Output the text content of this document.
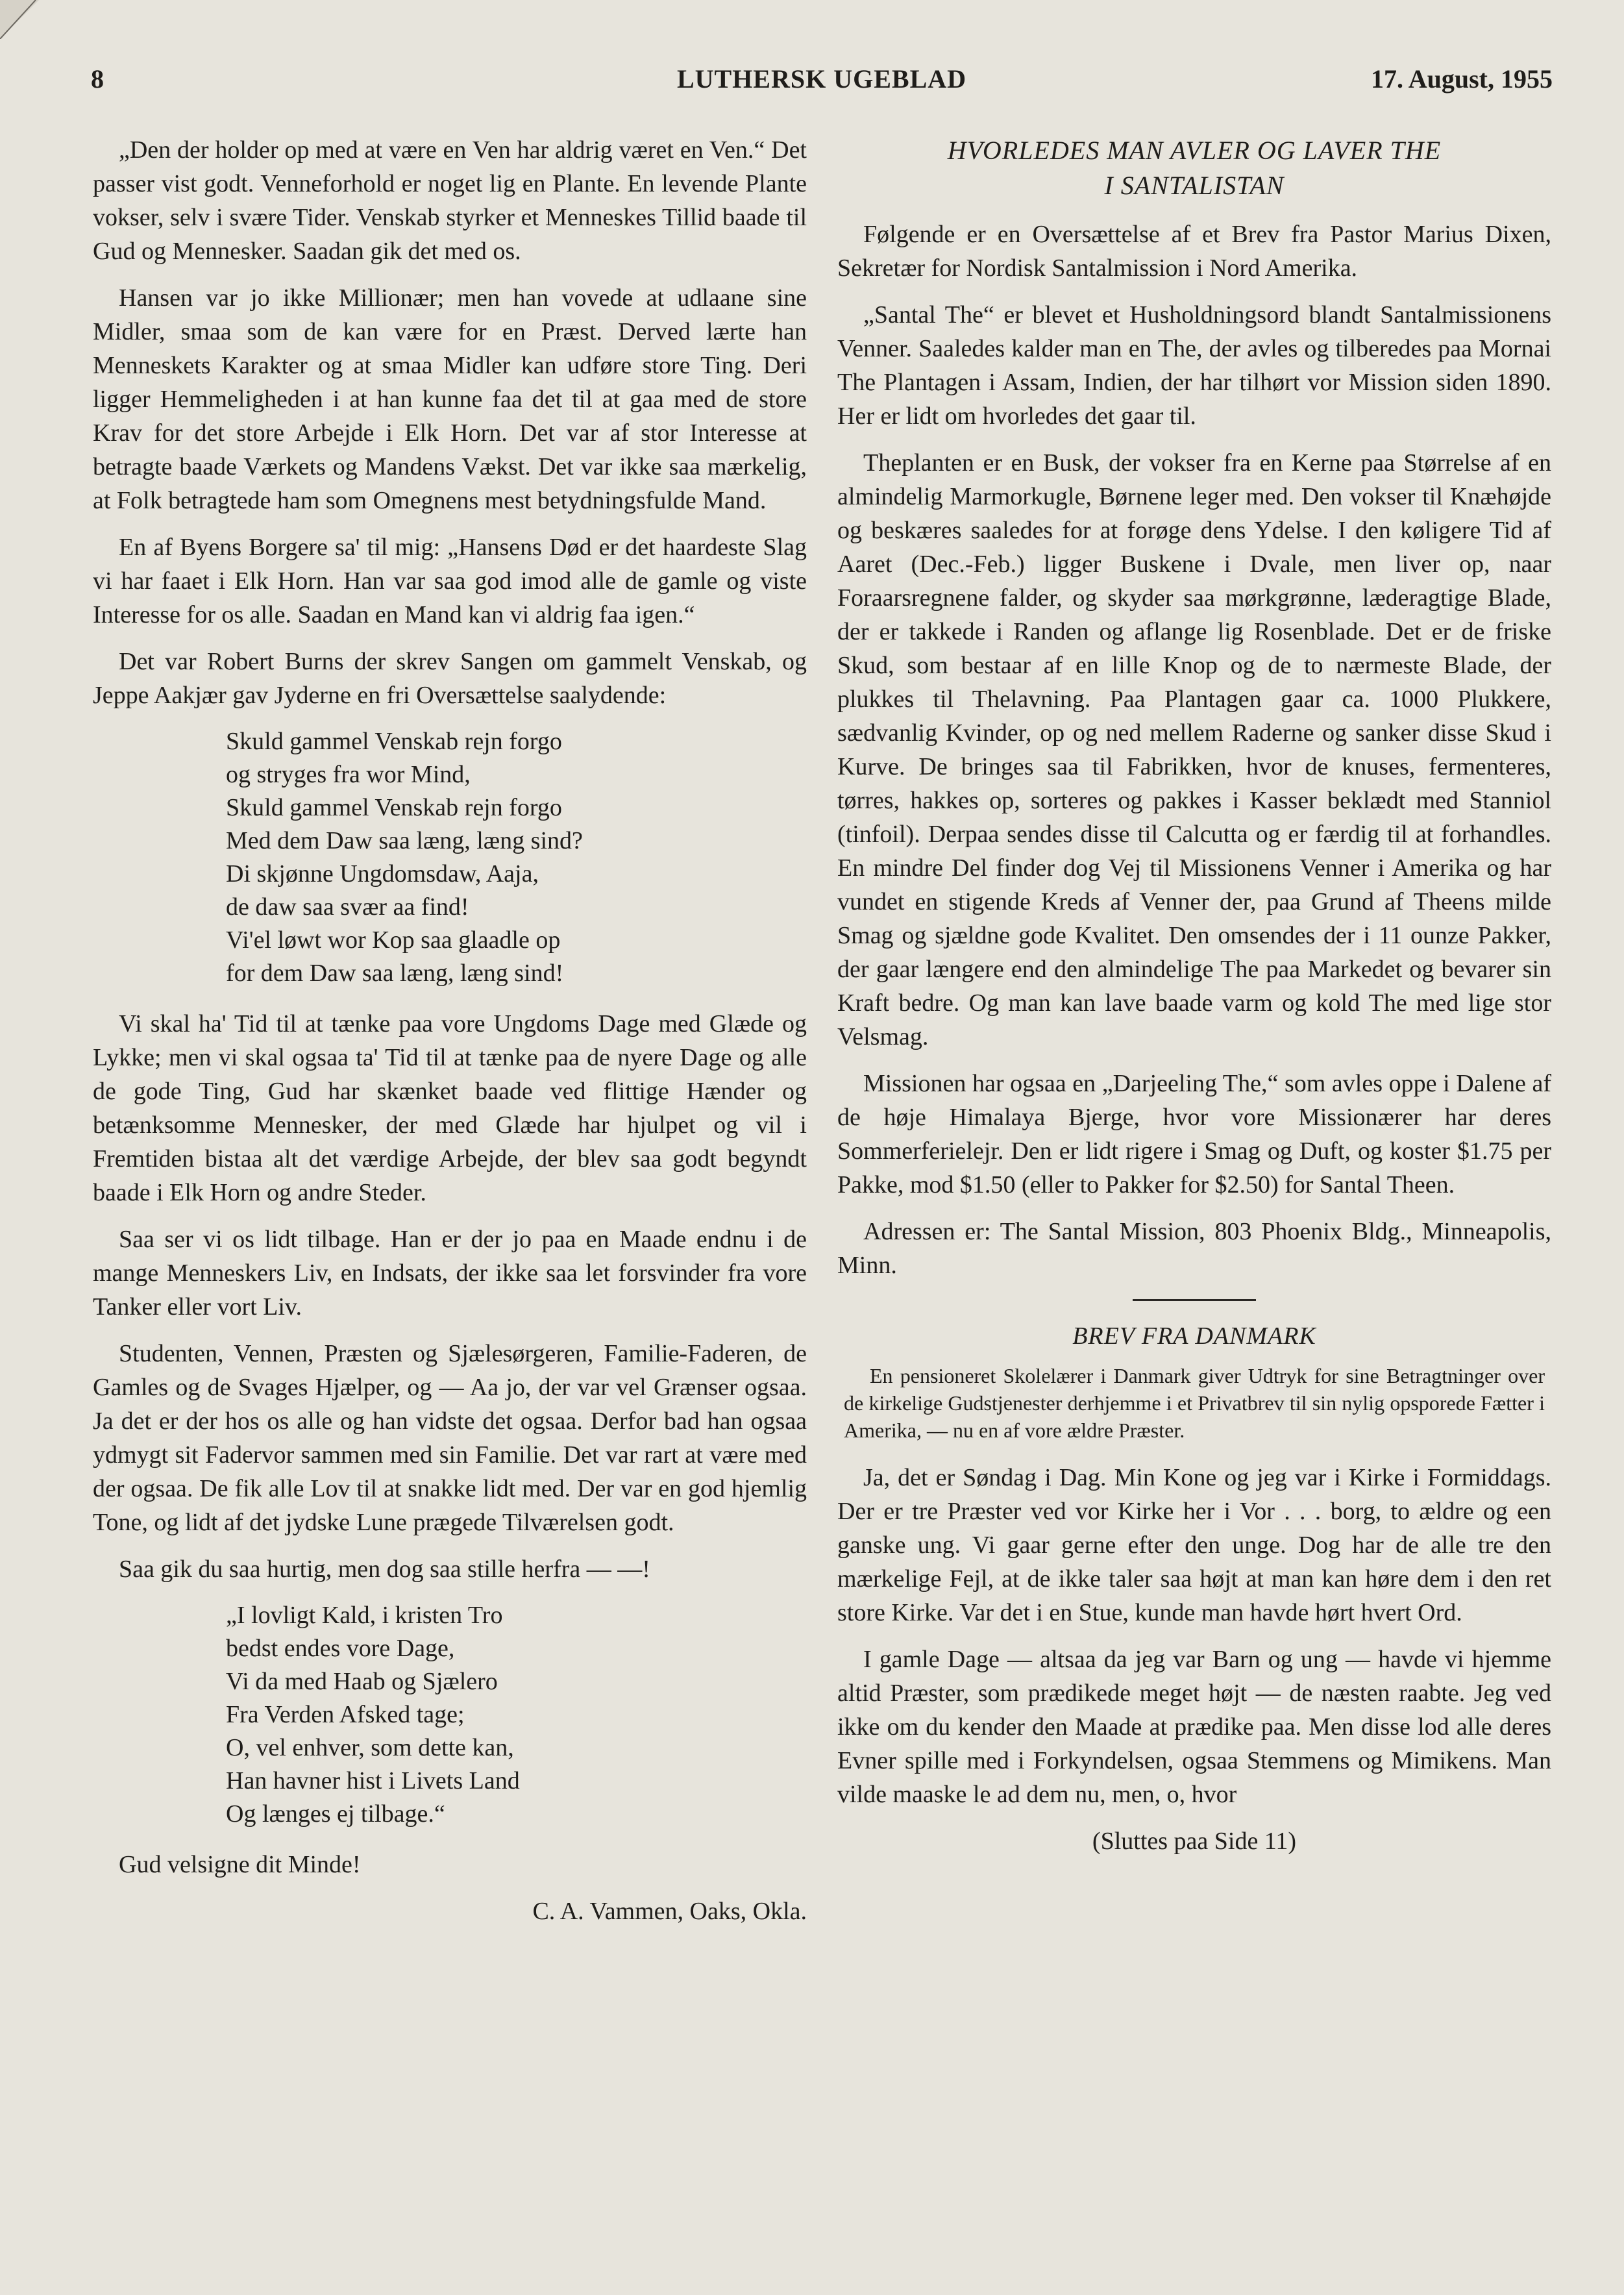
8	LUTHERSK UGEBLAD	17. August, 1955

„Den der holder op med at være en Ven har aldrig været en Ven.“ Det passer vist godt. Venneforhold er noget lig en Plante. En levende Plante vokser, selv i svære Tider. Venskab styrker et Menneskes Tillid baade til Gud og Mennesker. Saadan gik det med os.

Hansen var jo ikke Millionær; men han vovede at udlaane sine Midler, smaa som de kan være for en Præst. Derved lærte han Menneskets Karakter og at smaa Midler kan udføre store Ting. Deri ligger Hemmeligheden i at han kunne faa det til at gaa med de store Krav for det store Arbejde i Elk Horn. Det var af stor Interesse at betragte baade Værkets og Mandens Vækst. Det var ikke saa mærkelig, at Folk betragtede ham som Omegnens mest betydningsfulde Mand.

En af Byens Borgere sa' til mig: „Hansens Død er det haardeste Slag vi har faaet i Elk Horn. Han var saa god imod alle de gamle og viste Interesse for os alle. Saadan en Mand kan vi aldrig faa igen.“

Det var Robert Burns der skrev Sangen om gammelt Venskab, og Jeppe Aakjær gav Jyderne en fri Oversættelse saalydende:

Skuld gammel Venskab rejn forgo
og stryges fra wor Mind,
Skuld gammel Venskab rejn forgo
Med dem Daw saa læng, læng sind?
Di skjønne Ungdomsdaw, Aaja,
de daw saa svær aa find!
Vi'el løwt wor Kop saa glaadle op
for dem Daw saa læng, læng sind!

Vi skal ha' Tid til at tænke paa vore Ungdoms Dage med Glæde og Lykke; men vi skal ogsaa ta' Tid til at tænke paa de nyere Dage og alle de gode Ting, Gud har skænket baade ved flittige Hænder og betænksomme Mennesker, der med Glæde har hjulpet og vil i Fremtiden bistaa alt det værdige Arbejde, der blev saa godt begyndt baade i Elk Horn og andre Steder.

Saa ser vi os lidt tilbage. Han er der jo paa en Maade endnu i de mange Menneskers Liv, en Indsats, der ikke saa let forsvinder fra vore Tanker eller vort Liv.

Studenten, Vennen, Præsten og Sjælesørgeren, Familie-Faderen, de Gamles og de Svages Hjælper, og — Aa jo, der var vel Grænser ogsaa. Ja det er der hos os alle og han vidste det ogsaa. Derfor bad han ogsaa ydmygt sit Fadervor sammen med sin Familie. Det var rart at være med der ogsaa. De fik alle Lov til at snakke lidt med. Der var en god hjemlig Tone, og lidt af det jydske Lune prægede Tilværelsen godt.

Saa gik du saa hurtig, men dog saa stille herfra — —!

„I lovligt Kald, i kristen Tro
bedst endes vore Dage,
Vi da med Haab og Sjælero
Fra Verden Afsked tage;
O, vel enhver, som dette kan,
Han havner hist i Livets Land
Og længes ej tilbage.“

Gud velsigne dit Minde!

C. A. Vammen, Oaks, Okla.
HVORLEDES MAN AVLER OG LAVER THE
I SANTALISTAN

Følgende er en Oversættelse af et Brev fra Pastor Marius Dixen, Sekretær for Nordisk Santalmission i Nord Amerika.

„Santal The“ er blevet et Husholdningsord blandt Santalmissionens Venner. Saaledes kalder man en The, der avles og tilberedes paa Mornai The Plantagen i Assam, Indien, der har tilhørt vor Mission siden 1890. Her er lidt om hvorledes det gaar til.

Theplanten er en Busk, der vokser fra en Kerne paa Størrelse af en almindelig Marmorkugle, Børnene leger med. Den vokser til Knæhøjde og beskæres saaledes for at forøge dens Ydelse. I den køligere Tid af Aaret (Dec.-Feb.) ligger Buskene i Dvale, men liver op, naar Foraarsregnene falder, og skyder saa mørkgrønne, læderagtige Blade, der er takkede i Randen og aflange lig Rosenblade. Det er de friske Skud, som bestaar af en lille Knop og de to nærmeste Blade, der plukkes til Thelavning. Paa Plantagen gaar ca. 1000 Plukkere, sædvanlig Kvinder, op og ned mellem Raderne og sanker disse Skud i Kurve. De bringes saa til Fabrikken, hvor de knuses, fermenteres, tørres, hakkes op, sorteres og pakkes i Kasser beklædt med Stanniol (tinfoil). Derpaa sendes disse til Calcutta og er færdig til at forhandles. En mindre Del finder dog Vej til Missionens Venner i Amerika og har vundet en stigende Kreds af Venner der, paa Grund af Theens milde Smag og sjældne gode Kvalitet. Den omsendes der i 11 ounze Pakker, der gaar længere end den almindelige The paa Markedet og bevarer sin Kraft bedre. Og man kan lave baade varm og kold The med lige stor Velsmag.

Missionen har ogsaa en „Darjeeling The,“ som avles oppe i Dalene af de høje Himalaya Bjerge, hvor vore Missionærer har deres Sommerferielejr. Den er lidt rigere i Smag og Duft, og koster $1.75 per Pakke, mod $1.50 (eller to Pakker for $2.50) for Santal Theen.

Adressen er: The Santal Mission, 803 Phoenix Bldg., Minneapolis, Minn.

BREV FRA DANMARK
En pensioneret Skolelærer i Danmark giver Udtryk for sine Betragtninger over de kirkelige Gudstjenester derhjemme i et Privatbrev til sin nylig opsporede Fætter i Amerika, — nu en af vore ældre Præster.

Ja, det er Søndag i Dag. Min Kone og jeg var i Kirke i Formiddags. Der er tre Præster ved vor Kirke her i Vor . . . borg, to ældre og een ganske ung. Vi gaar gerne efter den unge. Dog har de alle tre den mærkelige Fejl, at de ikke taler saa højt at man kan høre dem i den ret store Kirke. Var det i en Stue, kunde man havde hørt hvert Ord.

I gamle Dage — altsaa da jeg var Barn og ung — havde vi hjemme altid Præster, som prædikede meget højt — de næsten raabte. Jeg ved ikke om du kender den Maade at prædike paa. Men disse lod alle deres Evner spille med i Forkyndelsen, ogsaa Stemmens og Mimikens. Man vilde maaske le ad dem nu, men, o, hvor

(Sluttes paa Side 11)
